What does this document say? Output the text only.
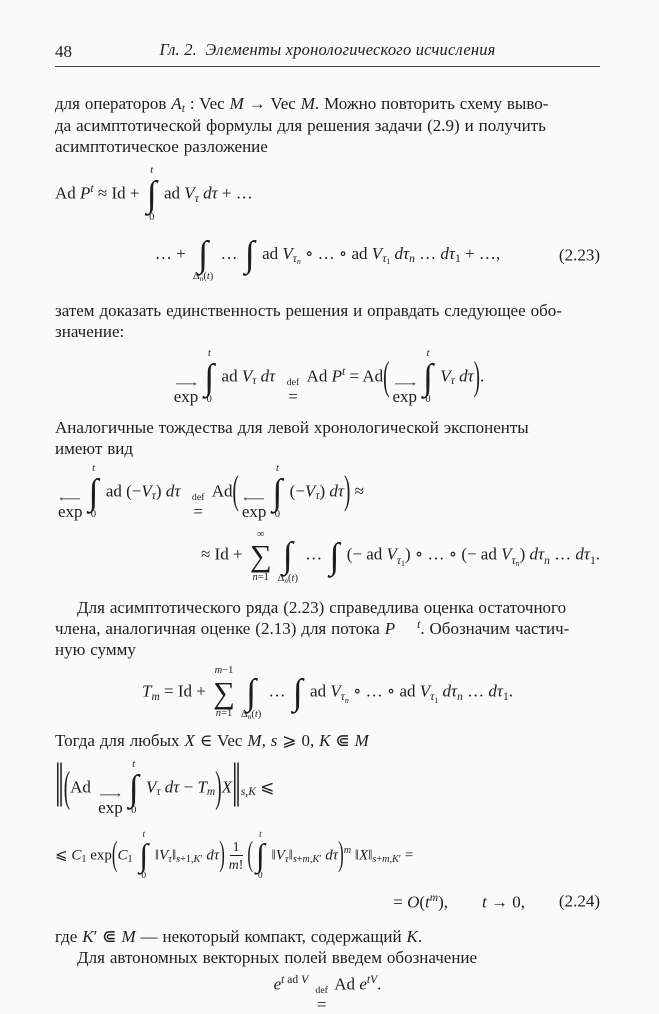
48	Гл. 2. Элементы хронологического исчисления
для операторов At : Vec M → Vec M. Можно повторить схему выво-
да асимптотической формулы для решения задачи (2.9) и получить
асимптотическое разложение
Ad Pt ≈ Id +
t
∫
0
ad Vτ dτ + …
… + ∫
Δn(t)
… ∫ ad Vτn ∘ … ∘ ad Vτ1 dτn … dτ1 + …,	(2.23)
затем доказать единственность решения и оправдать следующее обо-
значение:
⟶
exp
t
∫
0
ad Vτ dτ  def
=
Ad Pt = Ad( ⟶
exp
t
∫
0
Vτ dτ).
Аналогичные тождества для левой хронологической экспоненты
имеют вид
⟵
exp
t
∫
0
ad (−Vτ) dτ  def
=
Ad( ⟵
exp
t
∫
0
(−Vτ) dτ) ≈
≈ Id +
∞
∑
n=1
∫
Δn(t)
… ∫ (− ad Vτ1) ∘ … ∘ (− ad Vτn) dτn … dτ1.
Для асимптотического ряда (2.23) справедлива оценка остаточного
члена, аналогичная оценке (2.13) для потока P t. Обозначим частич-
ную сумму
Tm = Id +
m−1
∑
n=1
∫
Δn(t)
… ∫ ad Vτn ∘ … ∘ ad Vτ1 dτn … dτ1.
Тогда для любых X ∈ Vec M, s ⩾ 0, K ⋐ M
∥(Ad ⟶
exp
t
∫
0
Vτ dτ − Tm)X∥s,K ⩽
⩽ C1 exp(C1
t
∫
0
‖Vτ‖s+1,K′ $d\tau) \frac{1}{m!}$ ( t
∫
0
‖Vτ‖s+m,K′ dτ)m ‖X‖s+m,K′ =
= O(tm),  t → 0, (2.24)
где K′ ⋐ M — некоторый компакт, содержащий K.
Для автономных векторных полей введем обозначение
et ad V
def
=
Ad etV.
